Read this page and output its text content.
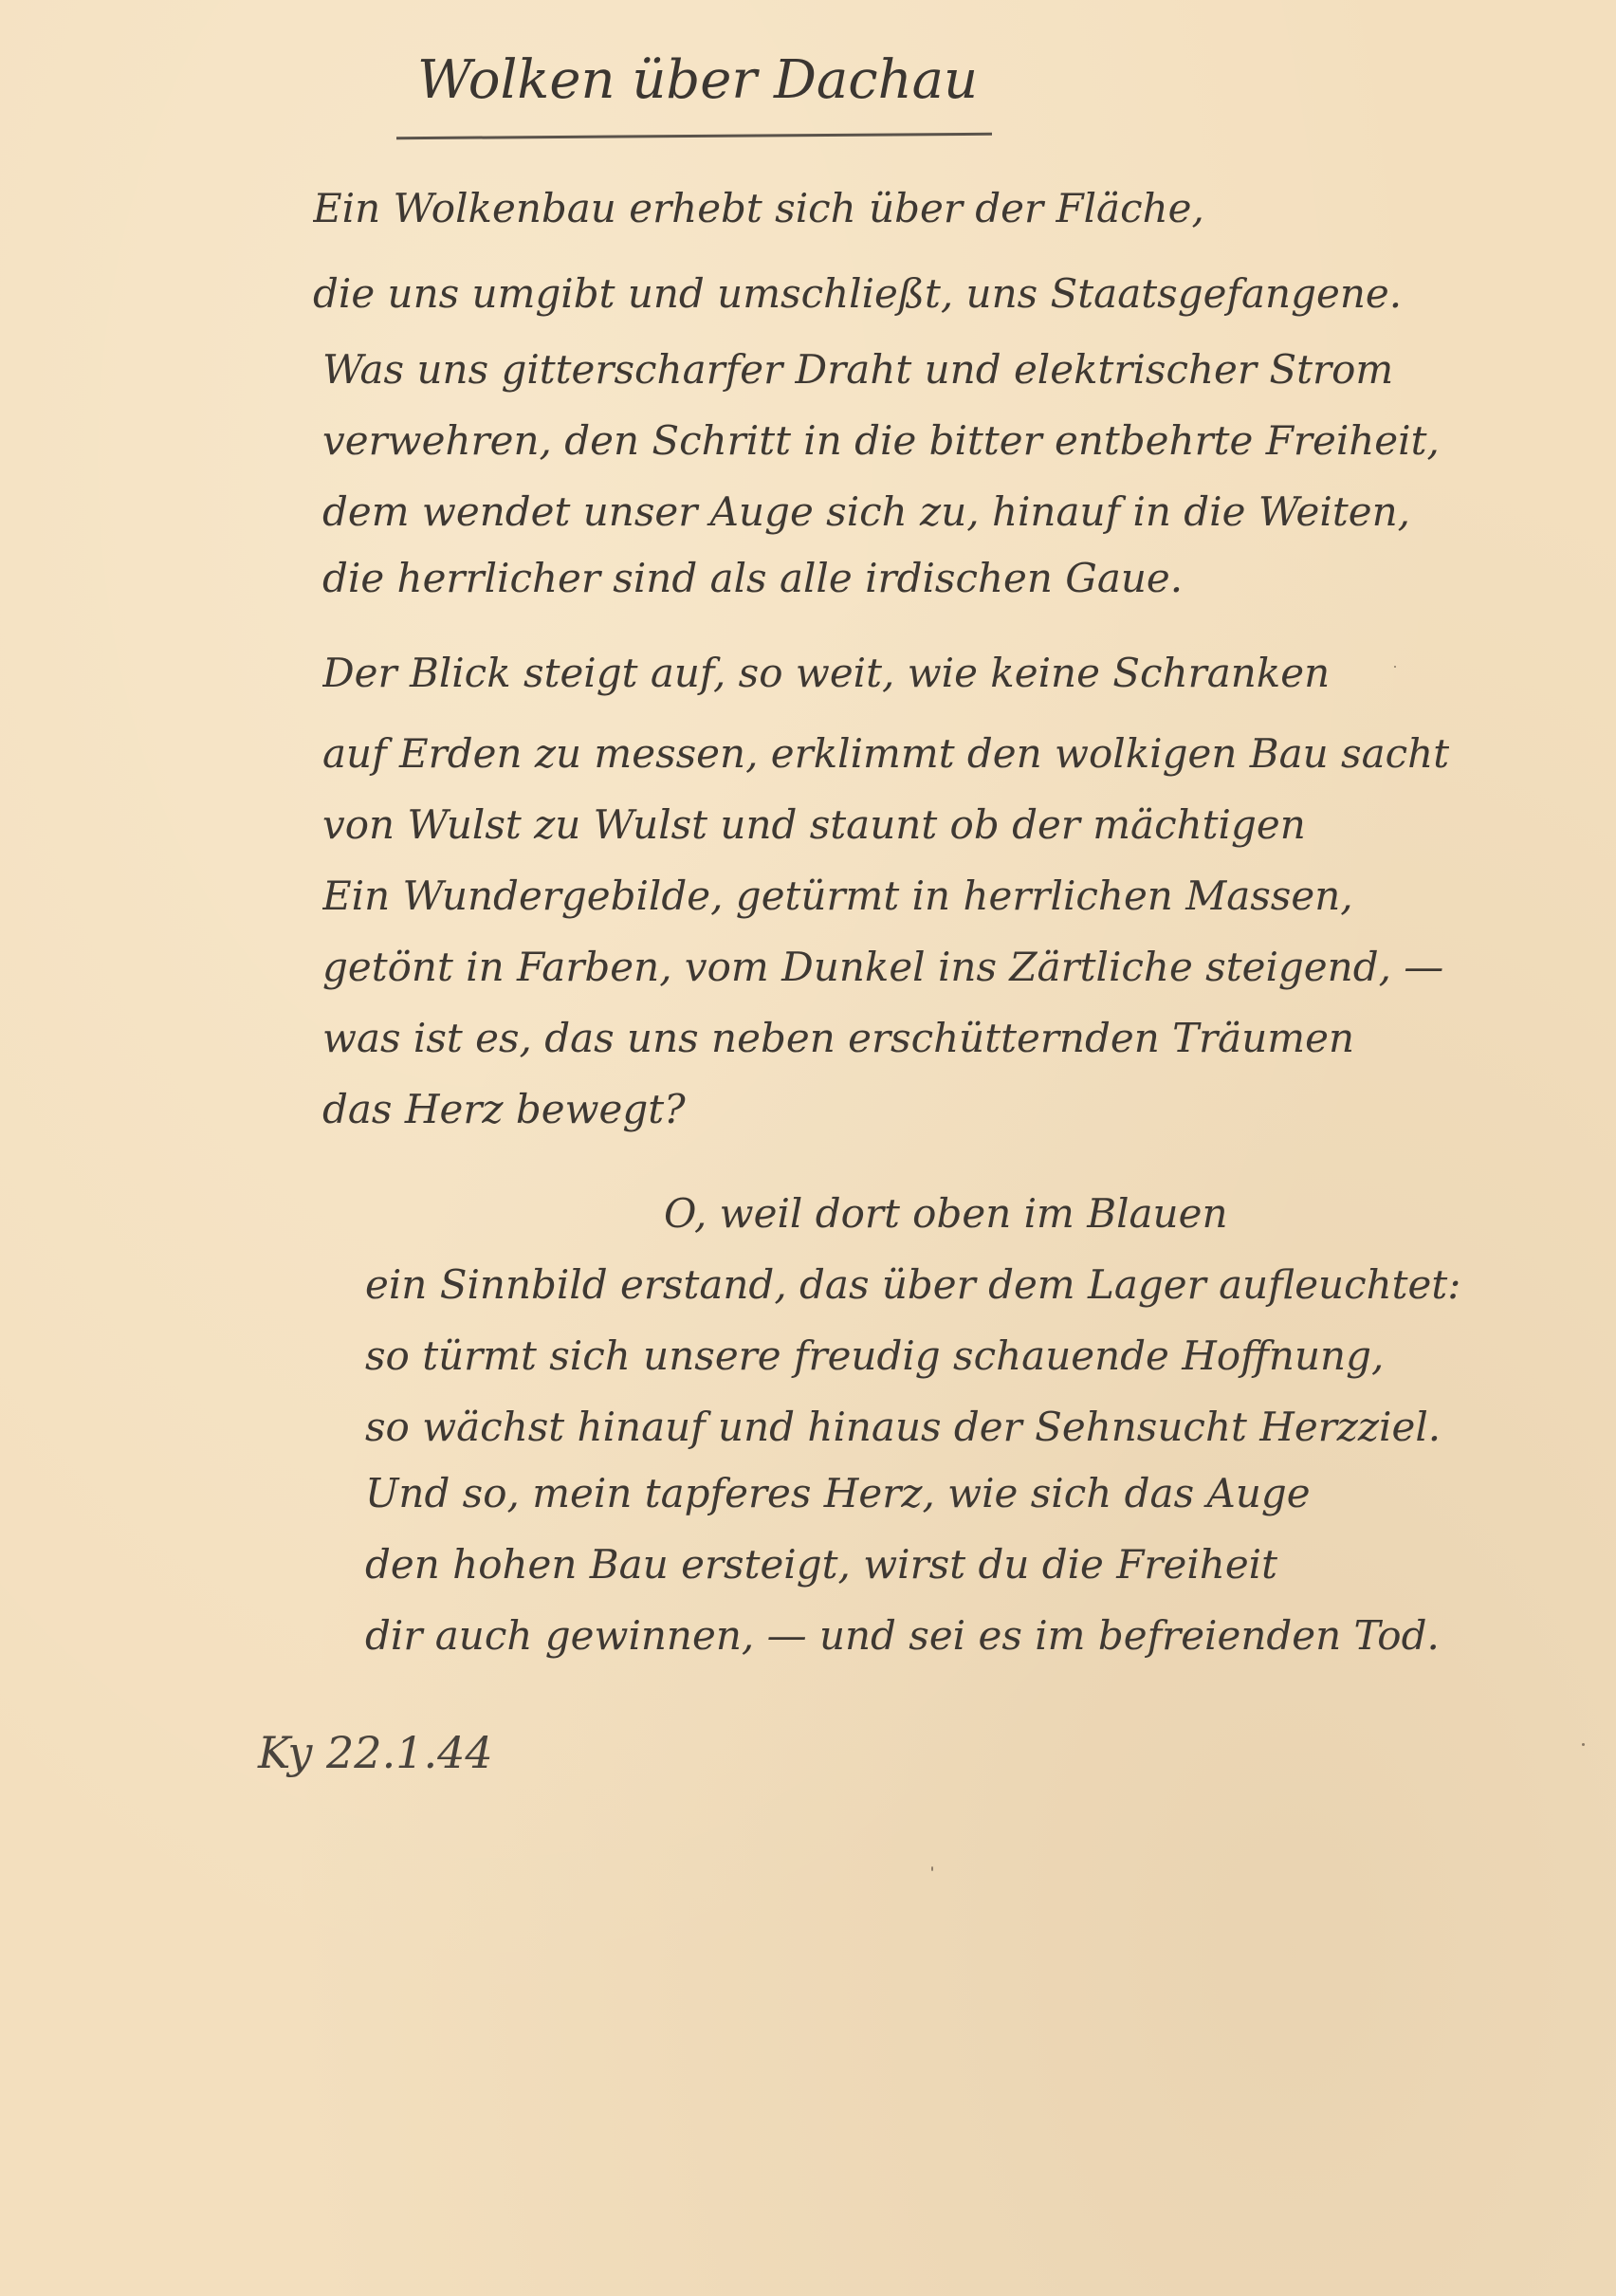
Wolken über Dachau
Ein Wolkenbau erhebt sich über der Fläche,
die uns umgibt und umschließt, uns Staatsgefangene.
Was uns gitterscharfer Draht und elektrischer Strom
verwehren, den Schritt in die bitter entbehrte Freiheit,
dem wendet unser Auge sich zu, hinauf in die Weiten,
die herrlicher sind als alle irdischen Gaue.
Der Blick steigt auf, so weit, wie keine Schranken
auf Erden zu messen, erklimmt den wolkigen Bau sacht
von Wulst zu Wulst und staunt ob der mächtigen
Ein Wundergebilde, getürmt in herrlichen Massen,
getönt in Farben, vom Dunkel ins Zärtliche steigend, —
was ist es, das uns neben erschütternden Träumen
das Herz bewegt?
O, weil dort oben im Blauen
ein Sinnbild erstand, das über dem Lager aufleuchtet:
so türmt sich unsere freudig schauende Hoffnung,
so wächst hinauf und hinaus der Sehnsucht Herzziel.
Und so, mein tapferes Herz, wie sich das Auge
den hohen Bau ersteigt, wirst du die Freiheit
dir auch gewinnen, — und sei es im befreienden Tod.
Ky 22.1.44
